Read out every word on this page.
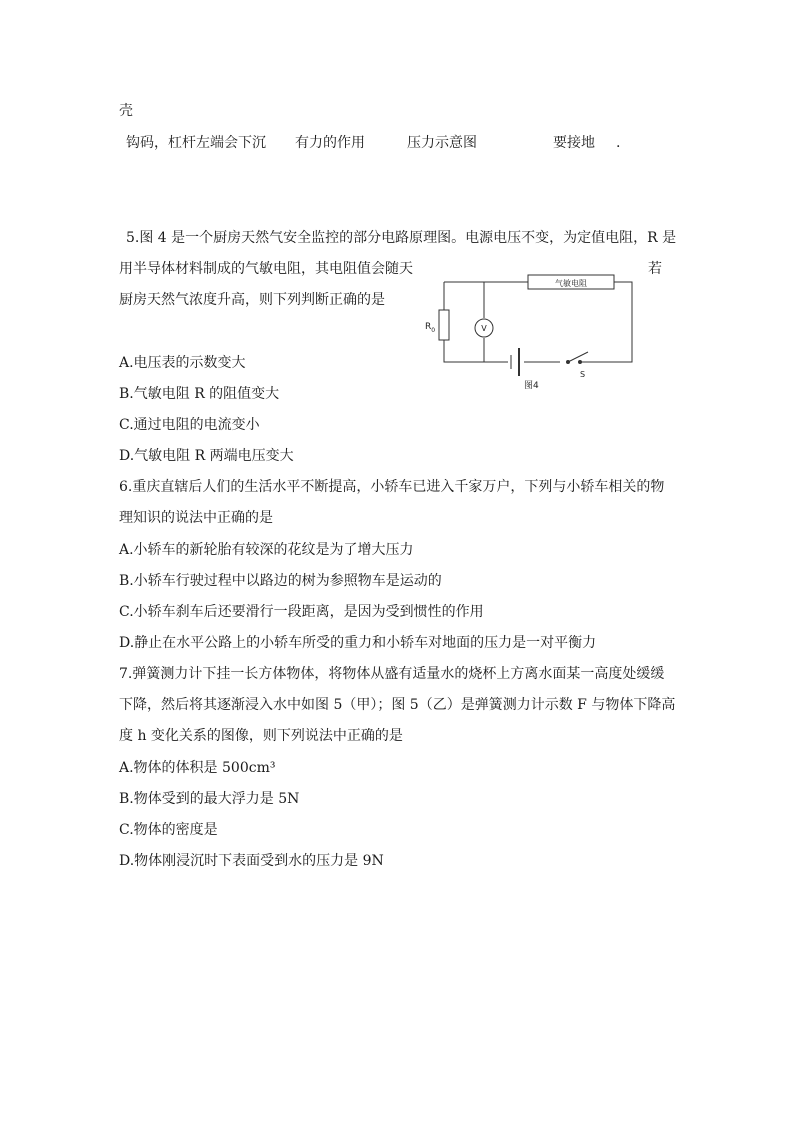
壳
钩码，杠杆左端会下沉 有力的作用	压力示意图	要接地 .
5.图 4 是一个厨房天然气安全监控的部分电路原理图。电源电压不变，为定值电阻，R 是
用半导体材料制成的气敏电阻，其电阻值会随天	若
厨房天然气浓度升高，则下列判断正确的是
气敏电阻
$R_0$	V
S
图4
A.电压表的示数变大
B.气敏电阻 R 的阻值变大
C.通过电阻的电流变小
D.气敏电阻 R 两端电压变大
6.重庆直辖后人们的生活水平不断提高，小轿车已进入千家万户，下列与小轿车相关的物
理知识的说法中正确的是
A.小轿车的新轮胎有较深的花纹是为了增大压力
B.小轿车行驶过程中以路边的树为参照物车是运动的
C.小轿车刹车后还要滑行一段距离，是因为受到惯性的作用
D.静止在水平公路上的小轿车所受的重力和小轿车对地面的压力是一对平衡力
7.弹簧测力计下挂一长方体物体，将物体从盛有适量水的烧杯上方离水面某一高度处缓缓
下降，然后将其逐渐浸入水中如图 5（甲）；图 5（乙）是弹簧测力计示数 F 与物体下降高
度 h 变化关系的图像，则下列说法中正确的是
A.物体的体积是 500cm³
B.物体受到的最大浮力是 5N
C.物体的密度是
D.物体刚浸沉时下表面受到水的压力是 9N
